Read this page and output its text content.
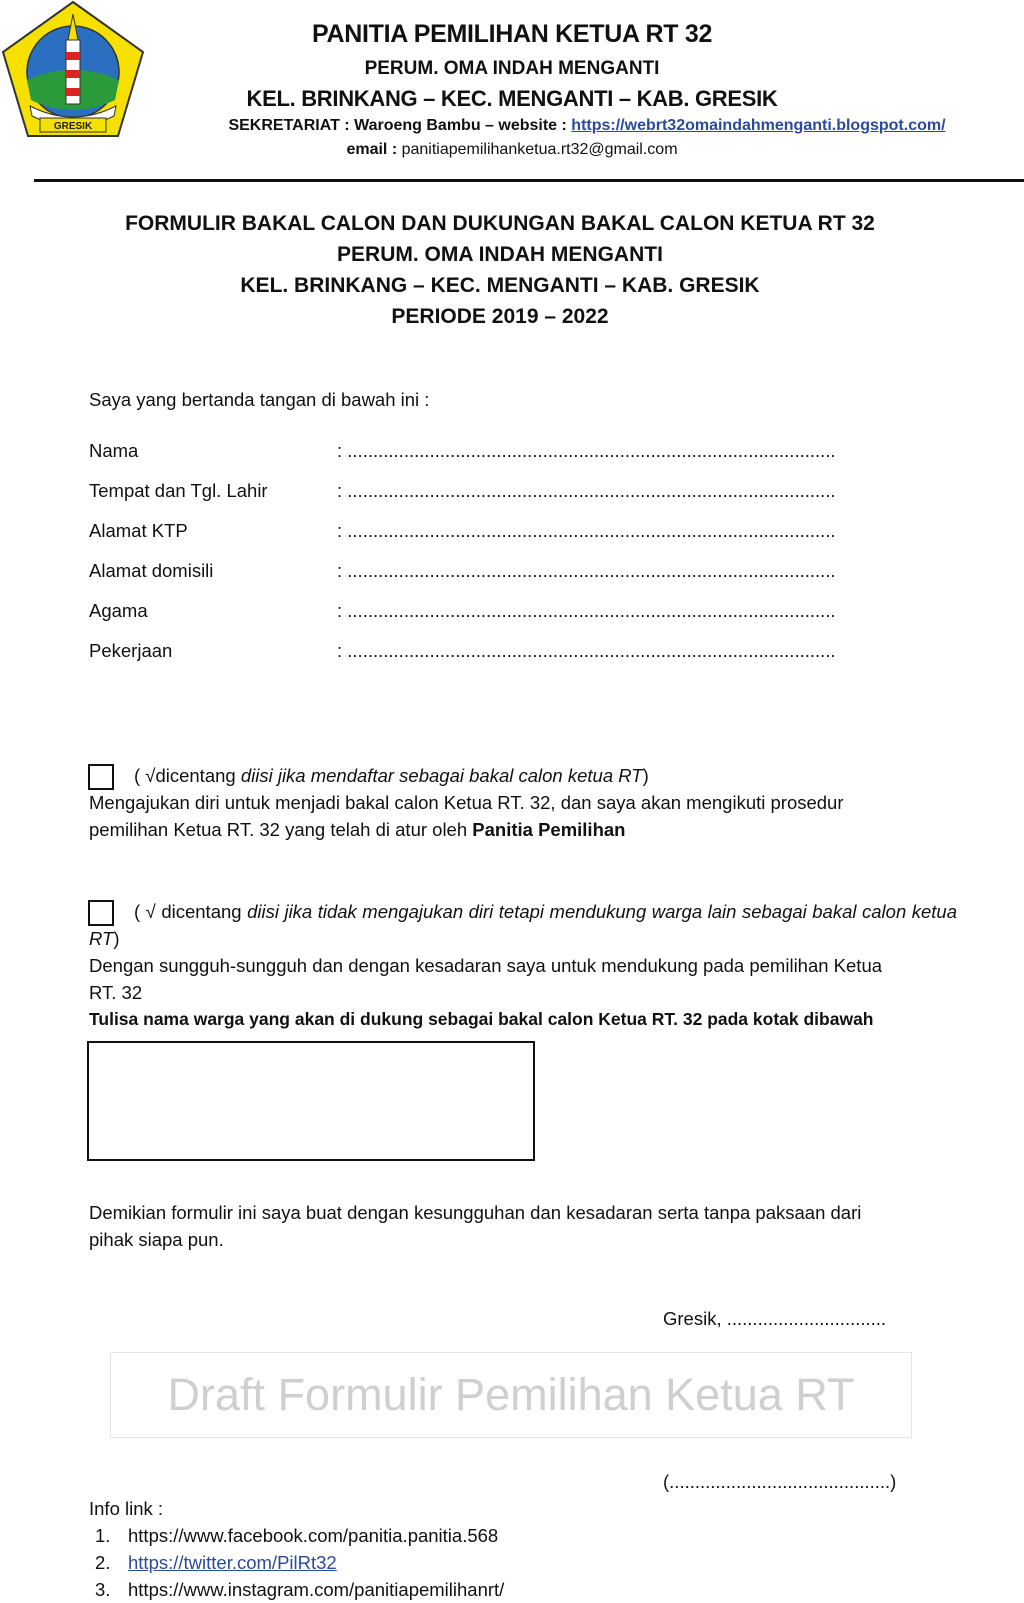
GRESIK
PANITIA PEMILIHAN KETUA RT 32
PERUM. OMA INDAH MENGANTI
KEL. BRINKANG – KEC. MENGANTI – KAB. GRESIK
SEKRETARIAT : Waroeng Bambu – website : https://webrt32omaindahmenganti.blogspot.com/
email : panitiapemilihanketua.rt32@gmail.com
FORMULIR BAKAL CALON DAN DUKUNGAN BAKAL CALON KETUA RT 32
PERUM. OMA INDAH MENGANTI
KEL. BRINKANG – KEC. MENGANTI – KAB. GRESIK
PERIODE 2019 – 2022
Saya yang bertanda tangan di bawah ini :
Nama	: ...............................................................................................
Tempat dan Tgl. Lahir	: ...............................................................................................
Alamat KTP	: ...............................................................................................
Alamat domisili	: ...............................................................................................
Agama	: ...............................................................................................
Pekerjaan	: ...............................................................................................
( √dicentang diisi jika mendaftar sebagai bakal calon ketua RT)
Mengajukan diri untuk menjadi bakal calon Ketua RT. 32, dan saya akan mengikuti prosedur
pemilihan Ketua RT. 32 yang telah di atur oleh Panitia Pemilihan
( √ dicentang diisi jika tidak mengajukan diri tetapi mendukung warga lain sebagai bakal calon ketua RT)
Dengan sungguh-sungguh dan dengan kesadaran saya untuk mendukung pada pemilihan Ketua
RT. 32
Tulisa nama warga yang akan di dukung sebagai bakal calon Ketua RT. 32 pada kotak dibawah
Demikian formulir ini saya buat dengan kesungguhan dan kesadaran serta tanpa paksaan dari
pihak siapa pun.
Gresik, ...............................
Draft Formulir Pemilihan Ketua RT
(...........................................)
Info link :
1. https://www.facebook.com/panitia.panitia.568
2. https://twitter.com/PilRt32
3. https://www.instagram.com/panitiapemilihanrt/
